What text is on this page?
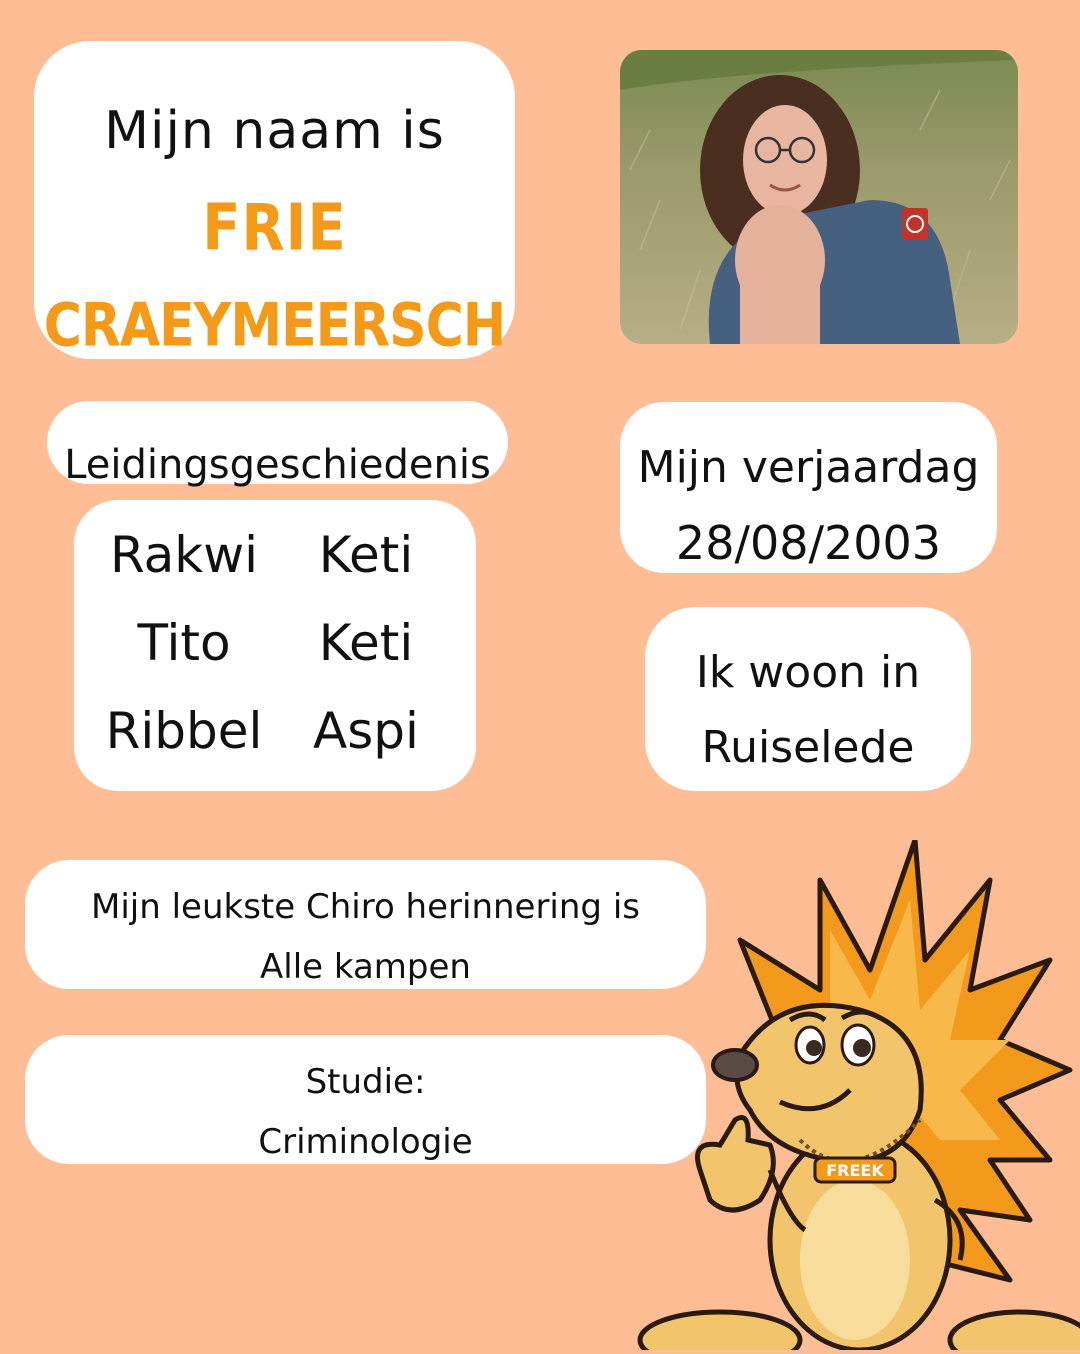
Mijn naam is
FRIE
CRAEYMEERSCH
Leidingsgeschiedenis
Rakwi	Keti
Tito	Keti
Ribbel	Aspi
Mijn verjaardag
28/08/2003
Ik woon in
Ruiselede
Mijn leukste Chiro herinnering is
Alle kampen
Studie:
Criminologie
FREEK
